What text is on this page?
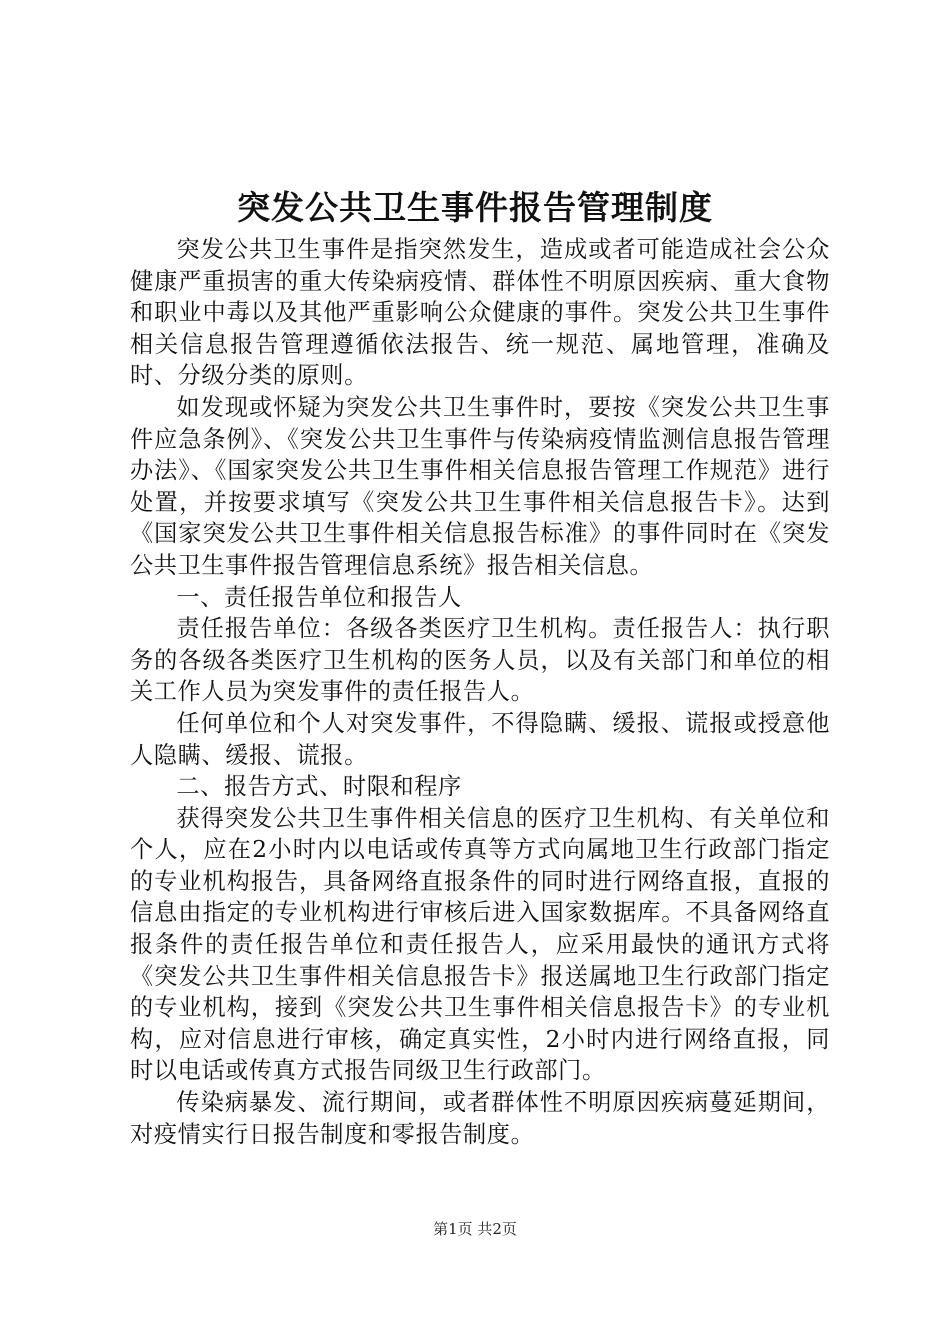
突发公共卫生事件报告管理制度

突发公共卫生事件是指突然发生，造成或者可能造成社会公众健康严重损害的重大传染病疫情、群体性不明原因疾病、重大食物和职业中毒以及其他严重影响公众健康的事件。突发公共卫生事件相关信息报告管理遵循依法报告、统一规范、属地管理，准确及时、分级分类的原则。

如发现或怀疑为突发公共卫生事件时，要按《突发公共卫生事件应急条例》、《突发公共卫生事件与传染病疫情监测信息报告管理办法》、《国家突发公共卫生事件相关信息报告管理工作规范》进行处置，并按要求填写《突发公共卫生事件相关信息报告卡》。达到《国家突发公共卫生事件相关信息报告标准》的事件同时在《突发公共卫生事件报告管理信息系统》报告相关信息。

一、责任报告单位和报告人

责任报告单位：各级各类医疗卫生机构。责任报告人：执行职务的各级各类医疗卫生机构的医务人员，以及有关部门和单位的相关工作人员为突发事件的责任报告人。

任何单位和个人对突发事件，不得隐瞒、缓报、谎报或授意他人隐瞒、缓报、谎报。

二、报告方式、时限和程序

获得突发公共卫生事件相关信息的医疗卫生机构、有关单位和个人，应在2小时内以电话或传真等方式向属地卫生行政部门指定的专业机构报告，具备网络直报条件的同时进行网络直报，直报的信息由指定的专业机构进行审核后进入国家数据库。不具备网络直报条件的责任报告单位和责任报告人，应采用最快的通讯方式将《突发公共卫生事件相关信息报告卡》报送属地卫生行政部门指定的专业机构，接到《突发公共卫生事件相关信息报告卡》的专业机构，应对信息进行审核，确定真实性，2小时内进行网络直报，同时以电话或传真方式报告同级卫生行政部门。

传染病暴发、流行期间，或者群体性不明原因疾病蔓延期间，对疫情实行日报告制度和零报告制度。

第1页 共2页
